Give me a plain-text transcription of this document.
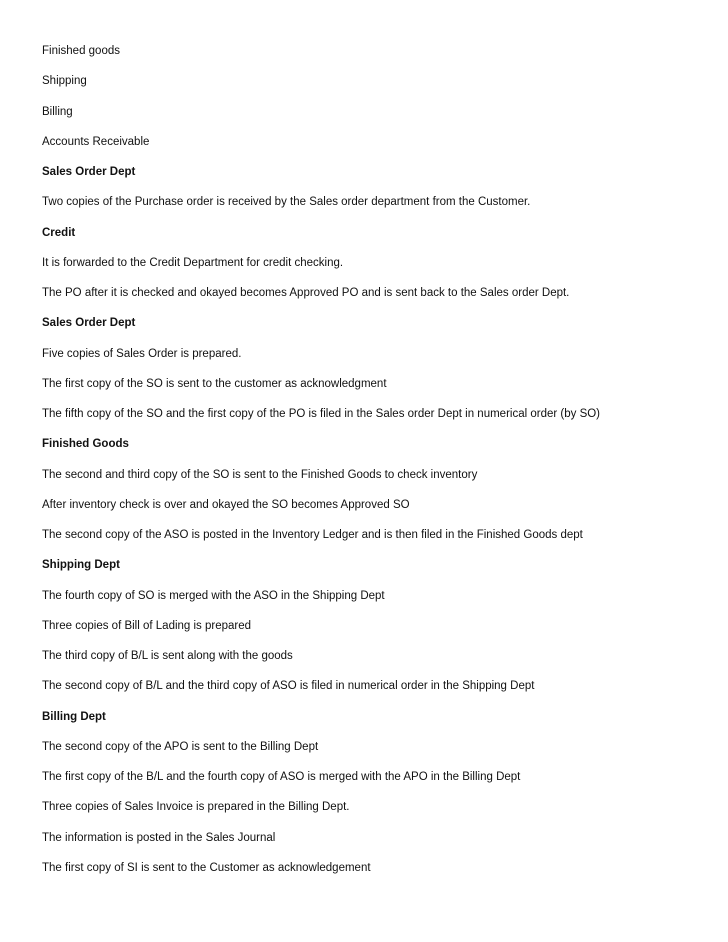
Finished goods

Shipping

Billing

Accounts Receivable

Sales Order Dept

Two copies of the Purchase order is received by the Sales order department from the Customer.

Credit

It is forwarded to the Credit Department for credit checking.

The PO after it is checked and okayed becomes Approved PO and is sent back to the Sales order Dept.

Sales Order Dept

Five copies of Sales Order is prepared.

The first copy of the SO is sent to the customer as acknowledgment

The fifth copy of the SO and the first copy of the PO is filed in the Sales order Dept in numerical order (by SO)

Finished Goods

The second and third copy of the SO is sent to the Finished Goods to check inventory

After inventory check is over and okayed the SO becomes Approved SO

The second copy of the ASO is posted in the Inventory Ledger and is then filed in the Finished Goods dept

Shipping Dept

The fourth copy of SO is merged with the ASO in the Shipping Dept

Three copies of Bill of Lading is prepared

The third copy of B/L is sent along with the goods

The second copy of B/L and the third copy of ASO is filed in numerical order in the Shipping Dept

Billing Dept

The second copy of the APO is sent to the Billing Dept

The first copy of the B/L and the fourth copy of ASO is merged with the APO in the Billing Dept

Three copies of Sales Invoice is prepared in the Billing Dept.

The information is posted in the Sales Journal

The first copy of SI is sent to the Customer as acknowledgement
